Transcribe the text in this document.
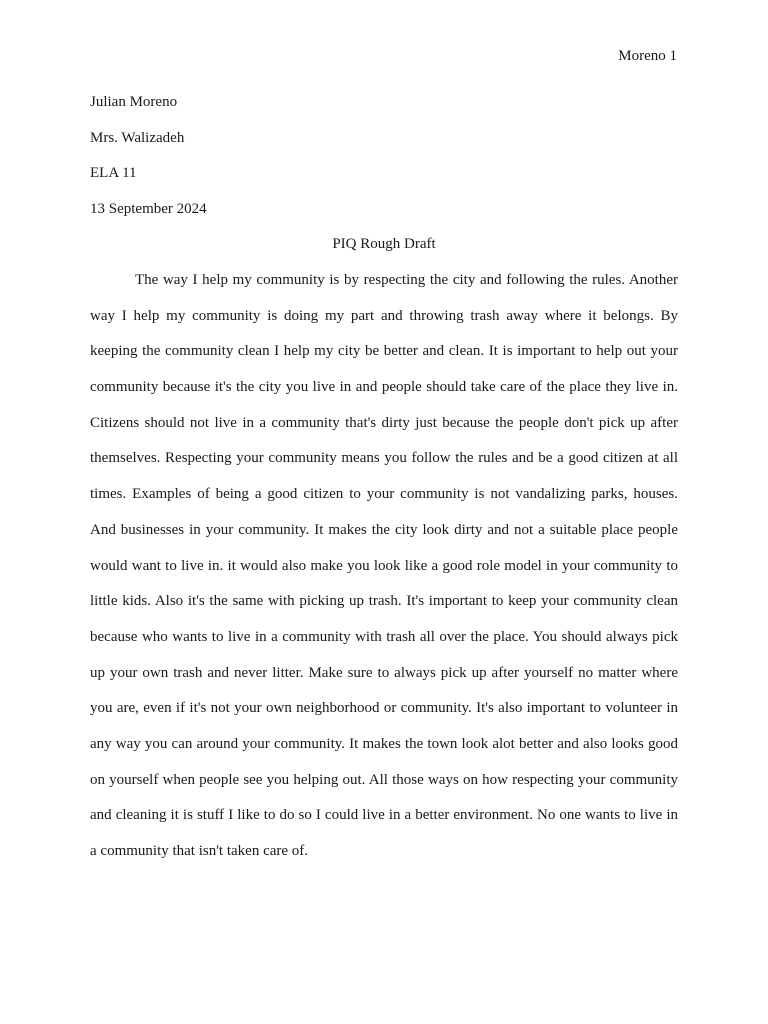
Moreno 1
Julian Moreno
Mrs. Walizadeh
ELA 11
13 September 2024
PIQ Rough Draft
The way I help my community is by respecting the city and following the rules. Another
way I help my community is doing my part and throwing trash away where it belongs. By
keeping the community clean I help my city be better and clean. It is important to help out your
community because it's the city you live in and people should take care of the place they live in.
Citizens should not live in a community that's dirty just because the people don't pick up after
themselves. Respecting your community means you follow the rules and be a good citizen at all
times. Examples of being a good citizen to your community is not vandalizing parks, houses.
And businesses in your community. It makes the city look dirty and not a suitable place people
would want to live in. it would also make you look like a good role model in your community to
little kids. Also it's the same with picking up trash. It's important to keep your community clean
because who wants to live in a community with trash all over the place. You should always pick
up your own trash and never litter. Make sure to always pick up after yourself no matter where
you are, even if it's not your own neighborhood or community. It's also important to volunteer in
any way you can around your community. It makes the town look alot better and also looks good
on yourself when people see you helping out. All those ways on how respecting your community
and cleaning it is stuff I like to do so I could live in a better environment. No one wants to live in
a community that isn't taken care of.
